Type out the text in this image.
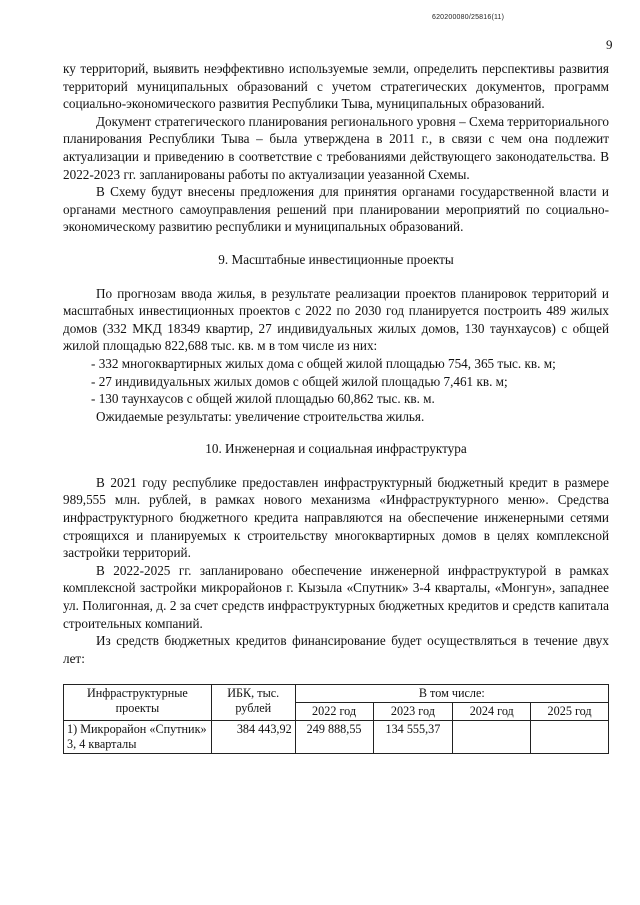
620200080/25816(11)
9

ку территорий, выявить неэффективно используемые земли, определить перспективы развития территорий муниципальных образований с учетом стратегических документов, программ социально-экономического развития Республики Тыва, муниципальных образований.

Документ стратегического планирования регионального уровня – Схема территориального планирования Республики Тыва – была утверждена в 2011 г., в связи с чем она подлежит актуализации и приведению в соответствие с требованиями действующего законодательства. В 2022-2023 гг. запланированы работы по актуализации уеазанной Схемы.

В Схему будут внесены предложения для принятия органами государственной власти и органами местного самоуправления решений при планировании мероприятий по социально-экономическому развитию республики и муниципальных образований.

9. Масштабные инвестиционные проекты

По прогнозам ввода жилья, в результате реализации проектов планировок территорий и масштабных инвестиционных проектов с 2022 по 2030 год планируется построить 489 жилых домов (332 МКД 18349 квартир, 27 индивидуальных жилых домов, 130 таунхаусов) с общей жилой площадью 822,688 тыс. кв. м в том числе из них:

- 332 многоквартирных жилых дома с общей жилой площадью 754, 365 тыс. кв. м;

- 27 индивидуальных жилых домов с общей жилой площадью 7,461 кв. м;

- 130 таунхаусов с общей жилой площадью 60,862 тыс. кв. м.

Ожидаемые результаты: увеличение строительства жилья.

10. Инженерная и социальная инфраструктура

В 2021 году республике предоставлен инфраструктурный бюджетный кредит в размере 989,555 млн. рублей, в рамках нового механизма «Инфраструктурного меню». Средства инфраструктурного бюджетного кредита направляются на обеспечение инженерными сетями строящихся и планируемых к строительству многоквартирных домов в целях комплексной застройки территорий.

В 2022-2025 гг. запланировано обеспечение инженерной инфраструктурой в рамках комплексной застройки микрорайонов г. Кызыла «Спутник» 3-4 кварталы, «Монгун», западнее ул. Полигонная, д. 2 за счет средств инфраструктурных бюджетных кредитов и средств капитала строительных компаний.

Из средств бюджетных кредитов финансирование будет осуществляться в течение двух лет:

Инфраструктурные проекты	ИБК, тыс. рублей	В том числе:			
		2022 год	2023 год	2024 год	2025 год
1) Микрорайон «Спутник» 3, 4 кварталы	384 443,92	249 888,55	134 555,37		
